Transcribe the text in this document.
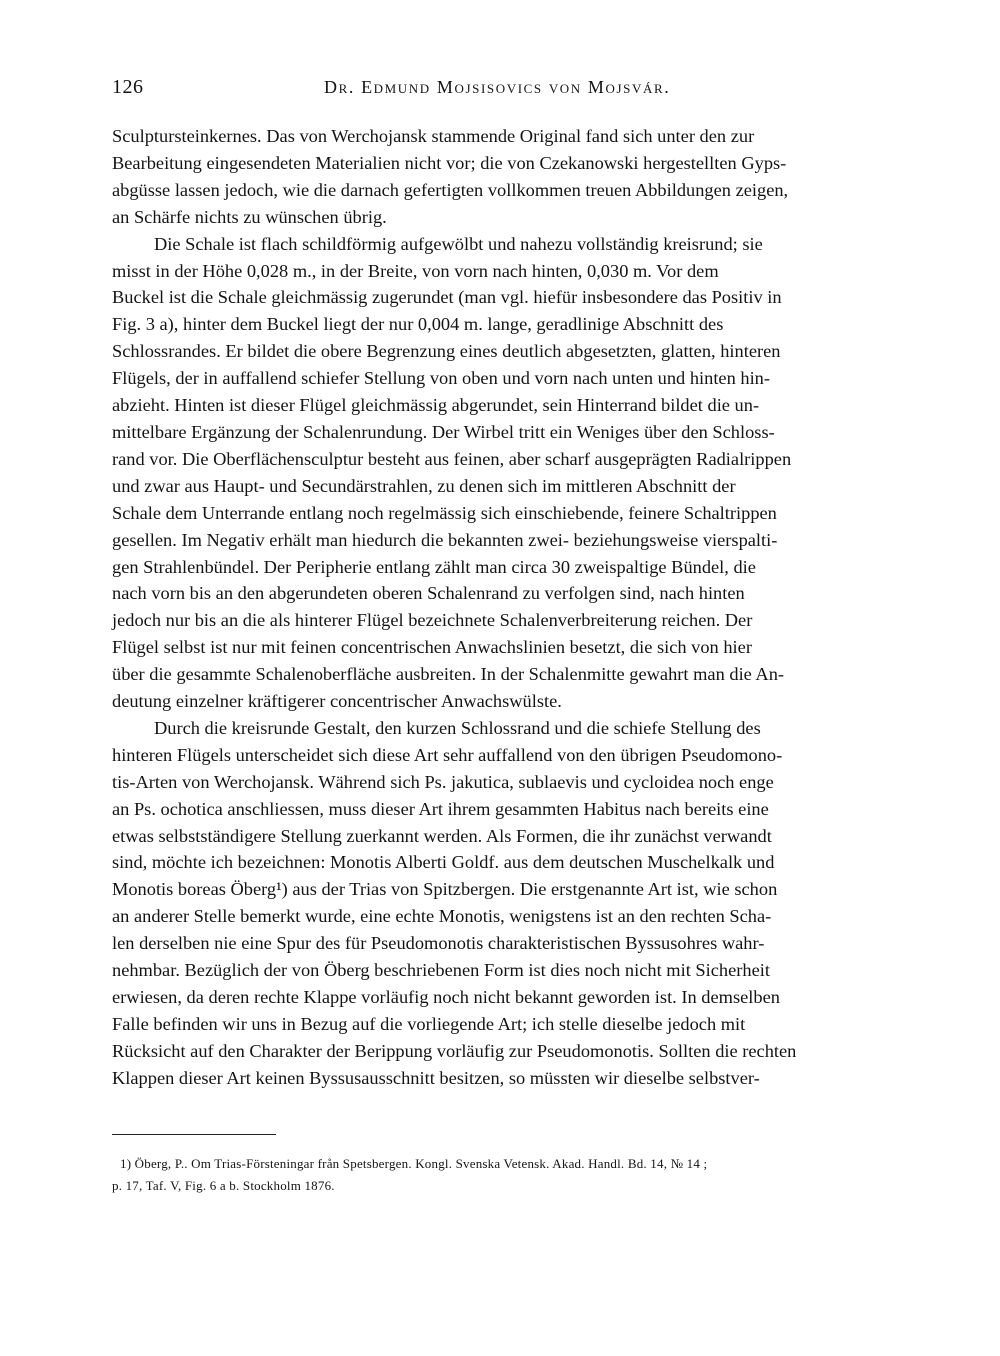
126	Dr. Edmund Mojsisovics von Mojsvár.

Sculptursteinkernes. Das von Werchojansk stammende Original fand sich unter den zur
Bearbeitung eingesendeten Materialien nicht vor; die von Czekanowski hergestellten Gyps-
abgüsse lassen jedoch, wie die darnach gefertigten vollkommen treuen Abbildungen zeigen,
an Schärfe nichts zu wünschen übrig.

Die Schale ist flach schildförmig aufgewölbt und nahezu vollständig kreisrund; sie
misst in der Höhe 0,028 m., in der Breite, von vorn nach hinten, 0,030 m. Vor dem
Buckel ist die Schale gleichmässig zugerundet (man vgl. hiefür insbesondere das Positiv in
Fig. 3 a), hinter dem Buckel liegt der nur 0,004 m. lange, geradlinige Abschnitt des
Schlossrandes. Er bildet die obere Begrenzung eines deutlich abgesetzten, glatten, hinteren
Flügels, der in auffallend schiefer Stellung von oben und vorn nach unten und hinten hin-
abzieht. Hinten ist dieser Flügel gleichmässig abgerundet, sein Hinterrand bildet die un-
mittelbare Ergänzung der Schalenrundung. Der Wirbel tritt ein Weniges über den Schloss-
rand vor. Die Oberflächensculptur besteht aus feinen, aber scharf ausgeprägten Radialrippen
und zwar aus Haupt- und Secundärstrahlen, zu denen sich im mittleren Abschnitt der
Schale dem Unterrande entlang noch regelmässig sich einschiebende, feinere Schaltrippen
gesellen. Im Negativ erhält man hiedurch die bekannten zwei- beziehungsweise vierspalti-
gen Strahlenbündel. Der Peripherie entlang zählt man circa 30 zweispaltige Bündel, die
nach vorn bis an den abgerundeten oberen Schalenrand zu verfolgen sind, nach hinten
jedoch nur bis an die als hinterer Flügel bezeichnete Schalenverbreiterung reichen. Der
Flügel selbst ist nur mit feinen concentrischen Anwachslinien besetzt, die sich von hier
über die gesammte Schalenoberfläche ausbreiten. In der Schalenmitte gewahrt man die An-
deutung einzelner kräftigerer concentrischer Anwachswülste.

Durch die kreisrunde Gestalt, den kurzen Schlossrand und die schiefe Stellung des
hinteren Flügels unterscheidet sich diese Art sehr auffallend von den übrigen Pseudomono-
tis-Arten von Werchojansk. Während sich Ps. jakutica, sublaevis und cycloidea noch enge
an Ps. ochotica anschliessen, muss dieser Art ihrem gesammten Habitus nach bereits eine
etwas selbstständigere Stellung zuerkannt werden. Als Formen, die ihr zunächst verwandt
sind, möchte ich bezeichnen: Monotis Alberti Goldf. aus dem deutschen Muschelkalk und
Monotis boreas Öberg¹) aus der Trias von Spitzbergen. Die erstgenannte Art ist, wie schon
an anderer Stelle bemerkt wurde, eine echte Monotis, wenigstens ist an den rechten Scha-
len derselben nie eine Spur des für Pseudomonotis charakteristischen Byssusohres wahr-
nehmbar. Bezüglich der von Öberg beschriebenen Form ist dies noch nicht mit Sicherheit
erwiesen, da deren rechte Klappe vorläufig noch nicht bekannt geworden ist. In demselben
Falle befinden wir uns in Bezug auf die vorliegende Art; ich stelle dieselbe jedoch mit
Rücksicht auf den Charakter der Berippung vorläufig zur Pseudomonotis. Sollten die rechten
Klappen dieser Art keinen Byssusausschnitt besitzen, so müssten wir dieselbe selbstver-

1) Öberg, P.. Om Trias-Försteningar från Spetsbergen. Kongl. Svenska Vetensk. Akad. Handl. Bd. 14, № 14 ;
p. 17, Taf. V, Fig. 6 a b. Stockholm 1876.
